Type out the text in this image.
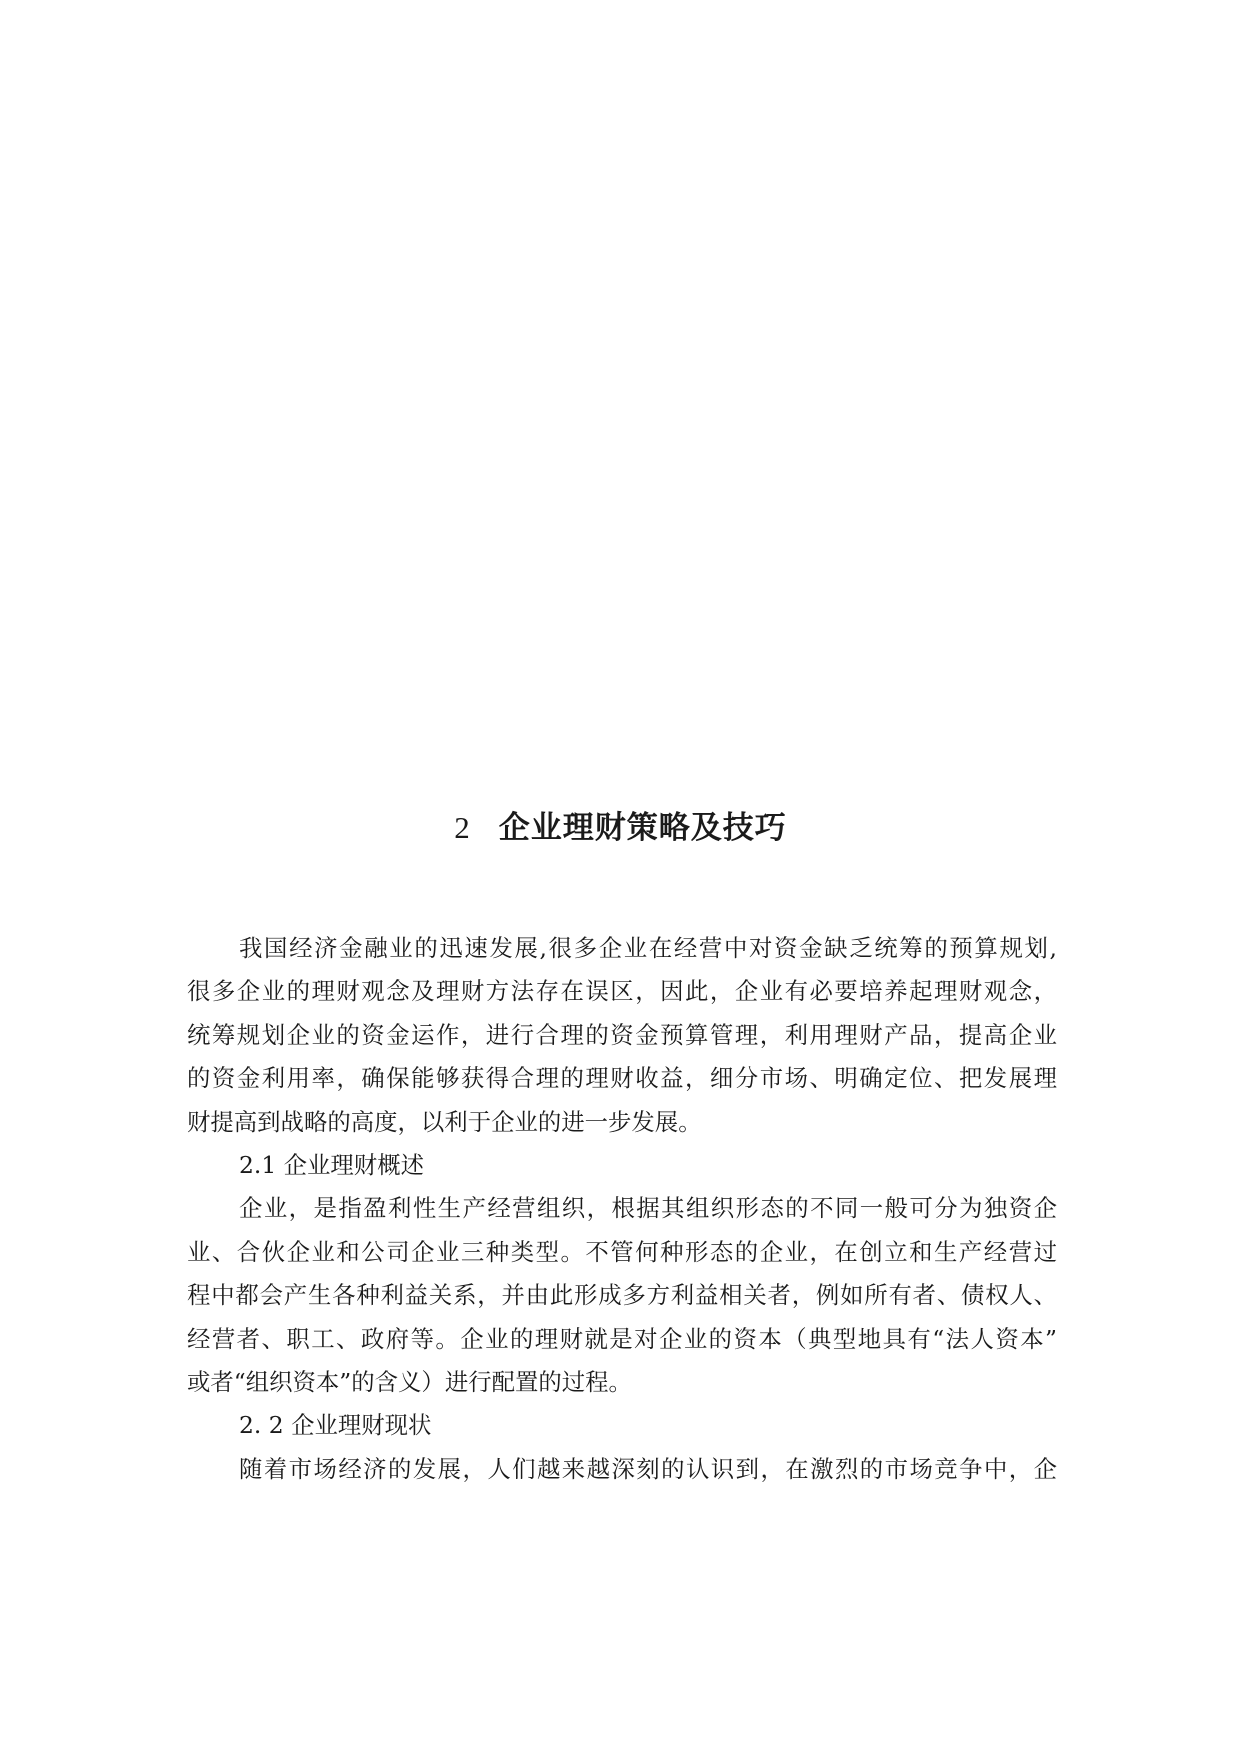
2 企业理财策略及技巧
我国经济金融业的迅速发展,很多企业在经营中对资金缺乏统筹的预算规划,
很多企业的理财观念及理财方法存在误区，因此，企业有必要培养起理财观念，
统筹规划企业的资金运作，进行合理的资金预算管理，利用理财产品，提高企业
的资金利用率，确保能够获得合理的理财收益，细分市场、明确定位、把发展理
财提高到战略的高度，以利于企业的进一步发展。
2.1 企业理财概述
企业，是指盈利性生产经营组织，根据其组织形态的不同一般可分为独资企
业、合伙企业和公司企业三种类型。不管何种形态的企业，在创立和生产经营过
程中都会产生各种利益关系，并由此形成多方利益相关者，例如所有者、债权人、
经营者、职工、政府等。企业的理财就是对企业的资本（典型地具有“法人资本”
或者“组织资本”的含义）进行配置的过程。
2. 2 企业理财现状
随着市场经济的发展，人们越来越深刻的认识到，在激烈的市场竞争中，企
